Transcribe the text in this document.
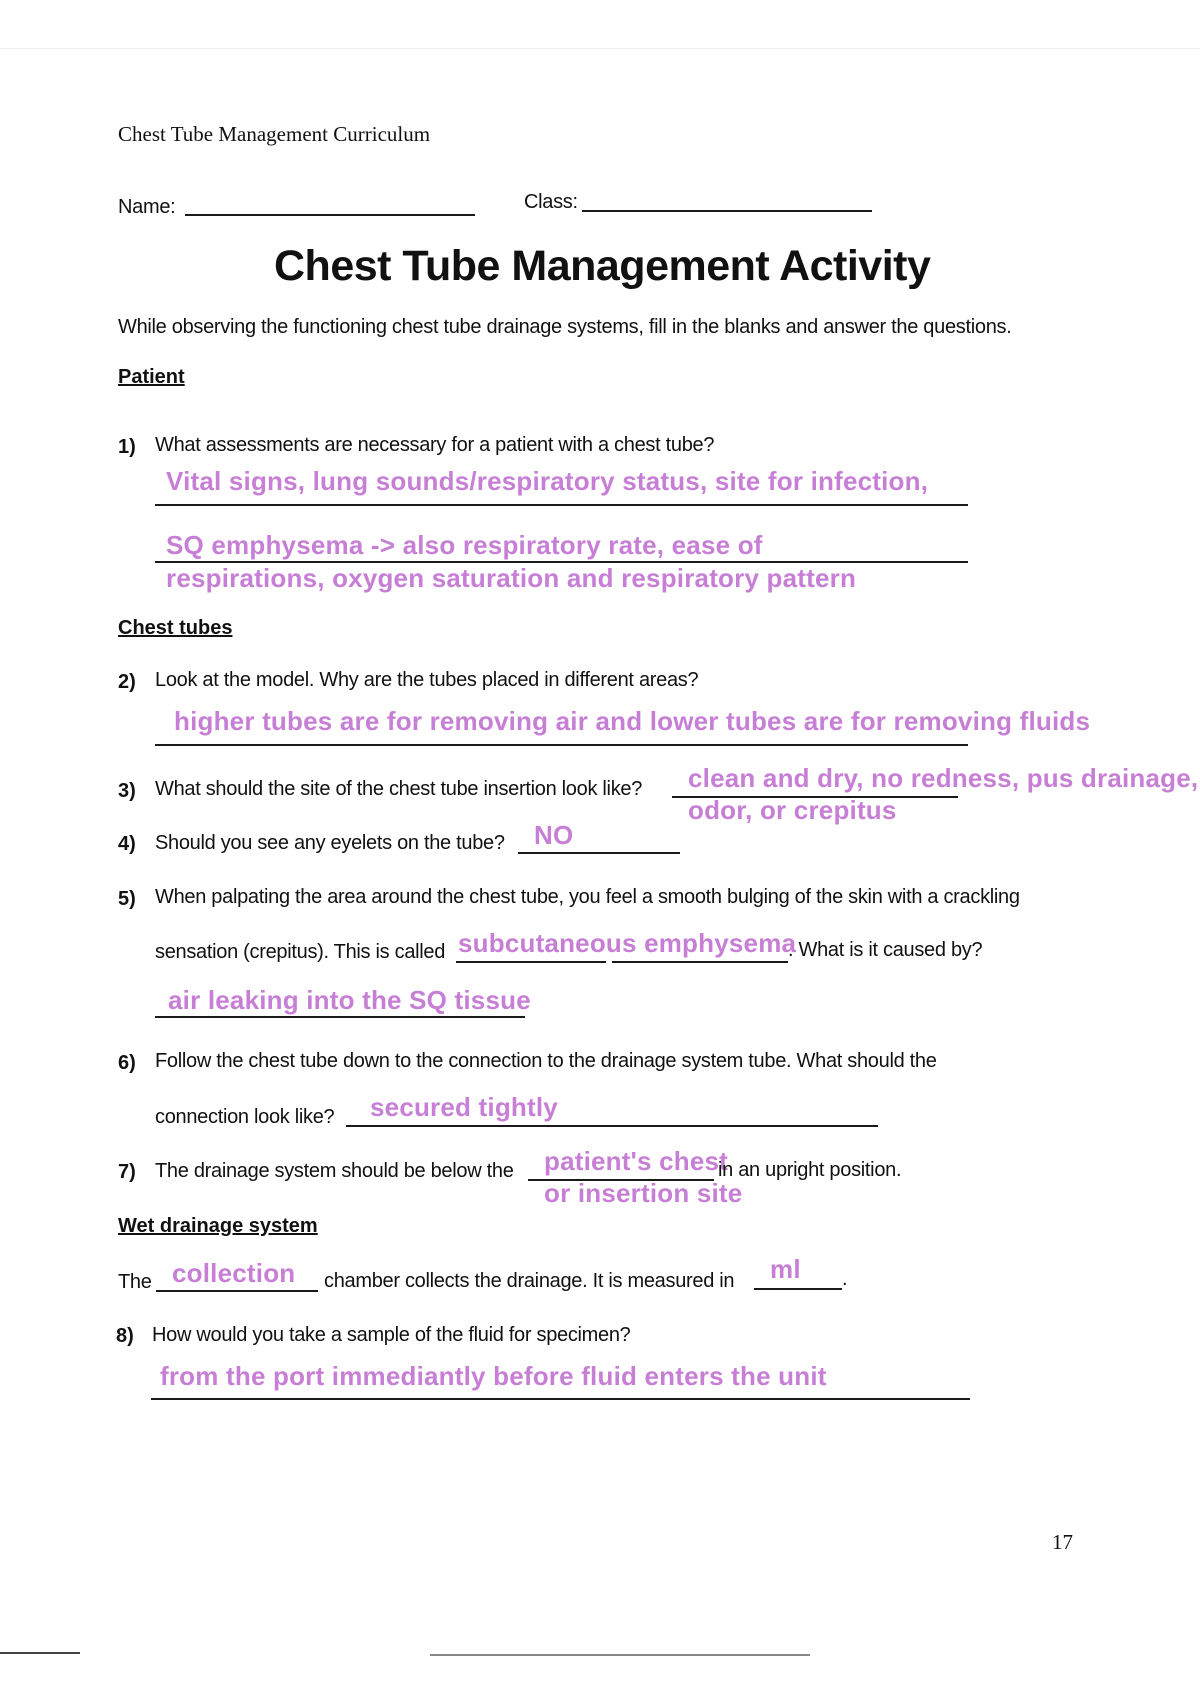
Chest Tube Management Curriculum
Name:	Class:
Chest Tube Management Activity
While observing the functioning chest tube drainage systems, fill in the blanks and answer the questions.
Patient
1) What assessments are necessary for a patient with a chest tube?
Vital signs, lung sounds/respiratory status, site for infection,
SQ emphysema -> also respiratory rate, ease of
respirations, oxygen saturation and respiratory pattern
Chest tubes
2) Look at the model. Why are the tubes placed in different areas?
higher tubes are for removing air and lower tubes are for removing fluids
3) What should the site of the chest tube insertion look like? clean and dry, no redness, pus drainage,
odor, or crepitus
4) Should you see any eyelets on the tube? NO
5) When palpating the area around the chest tube, you feel a smooth bulging of the skin with a crackling
sensation (crepitus). This is called subcutaneous emphysema
. What is it caused by?
air leaking into the SQ tissue
6) Follow the chest tube down to the connection to the drainage system tube. What should the
connection look like? secured tightly
7) The drainage system should be below the patient's chest
or insertion site
in an upright position.
Wet drainage system
The collection chamber collects the drainage. It is measured in ml .
8) How would you take a sample of the fluid for specimen?
from the port immediantly before fluid enters the unit
17
